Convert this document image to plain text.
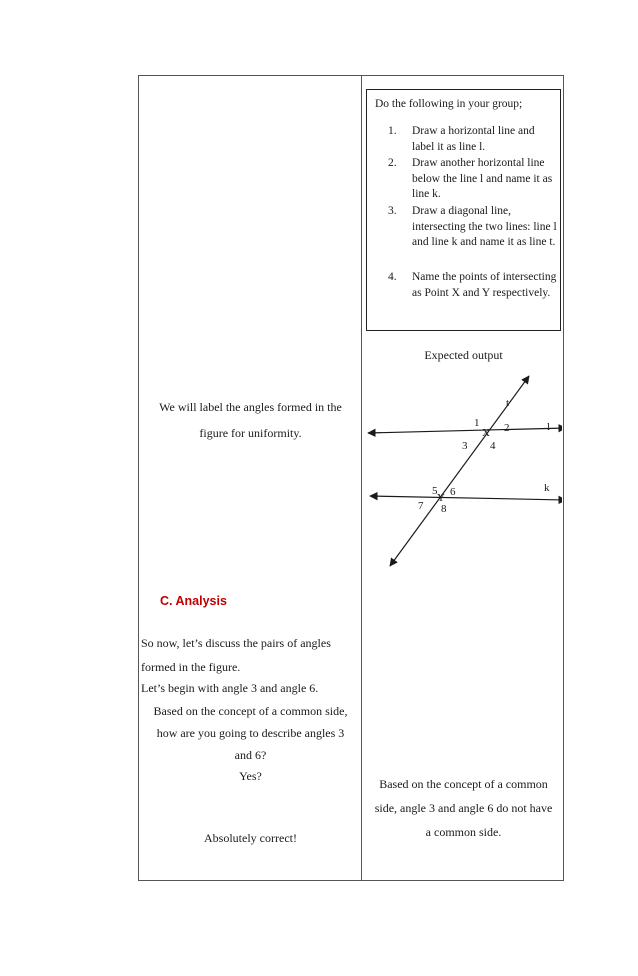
Do the following in your group;
1. Draw a horizontal line and label it as line l.
2. Draw another horizontal line below the line l and name it as line k.
3. Draw a diagonal line, intersecting the two lines: line l and line k and name it as line t.
4. Name the points of intersecting as Point X and Y respectively.
Expected output
t
l
k
X
Y
1 2
3 4
5 6
7 8
Based on the concept of a common
side, angle 3 and angle 6 do not have
a common side.
We will label the angles formed in the
figure for uniformity.
C. Analysis
So now, let’s discuss the pairs of angles
formed in the figure.
Let’s begin with angle 3 and angle 6.
Based on the concept of a common side,
how are you going to describe angles 3
and 6?
Yes?
Absolutely correct!
